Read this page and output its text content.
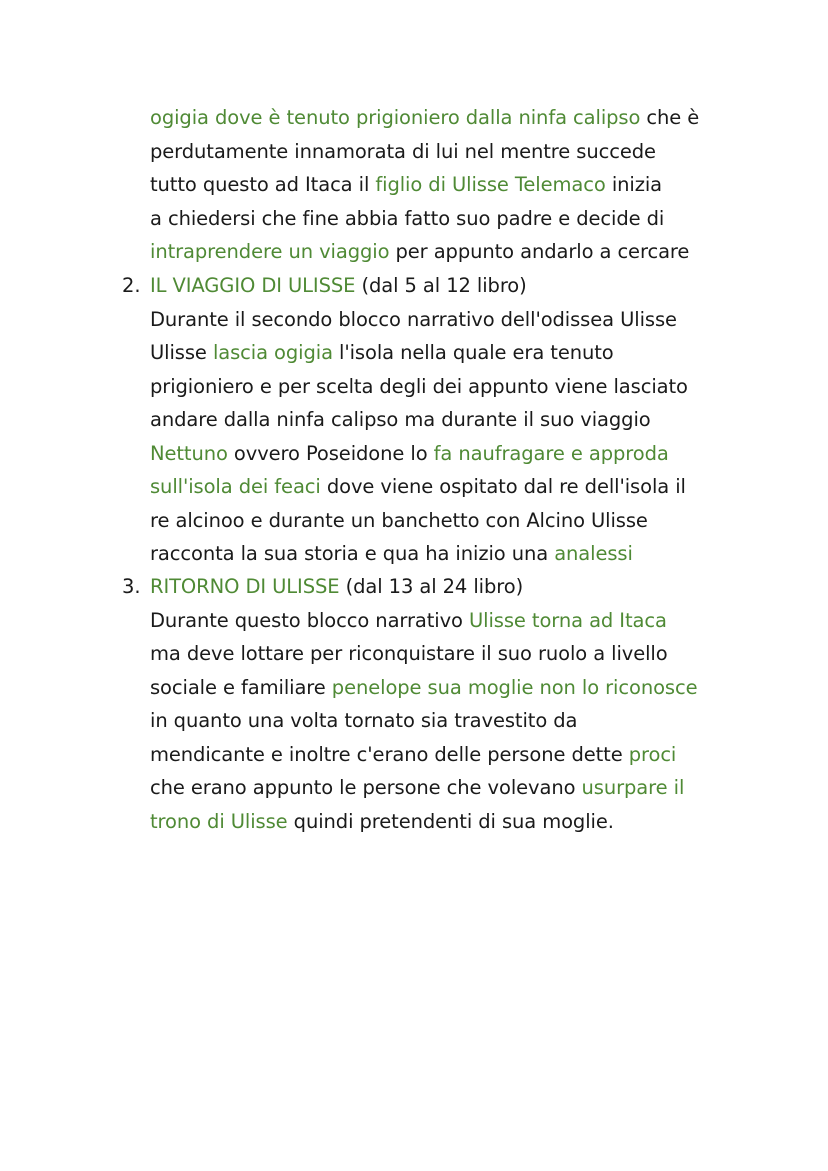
ogigia dove è tenuto prigioniero dalla ninfa calipso che è
perdutamente innamorata di lui nel mentre succede
tutto questo ad Itaca il figlio di Ulisse Telemaco inizia
a chiedersi che fine abbia fatto suo padre e decide di
intraprendere un viaggio per appunto andarlo a cercare
2. IL VIAGGIO DI ULISSE (dal 5 al 12 libro)
Durante il secondo blocco narrativo dell'odissea Ulisse
Ulisse lascia ogigia l'isola nella quale era tenuto
prigioniero e per scelta degli dei appunto viene lasciato
andare dalla ninfa calipso ma durante il suo viaggio
Nettuno ovvero Poseidone lo fa naufragare e approda
sull'isola dei feaci dove viene ospitato dal re dell'isola il
re alcinoo e durante un banchetto con Alcino Ulisse
racconta la sua storia e qua ha inizio una analessi
3. RITORNO DI ULISSE (dal 13 al 24 libro)
Durante questo blocco narrativo Ulisse torna ad Itaca
ma deve lottare per riconquistare il suo ruolo a livello
sociale e familiare penelope sua moglie non lo riconosce
in quanto una volta tornato sia travestito da
mendicante e inoltre c'erano delle persone dette proci
che erano appunto le persone che volevano usurpare il
trono di Ulisse quindi pretendenti di sua moglie.
